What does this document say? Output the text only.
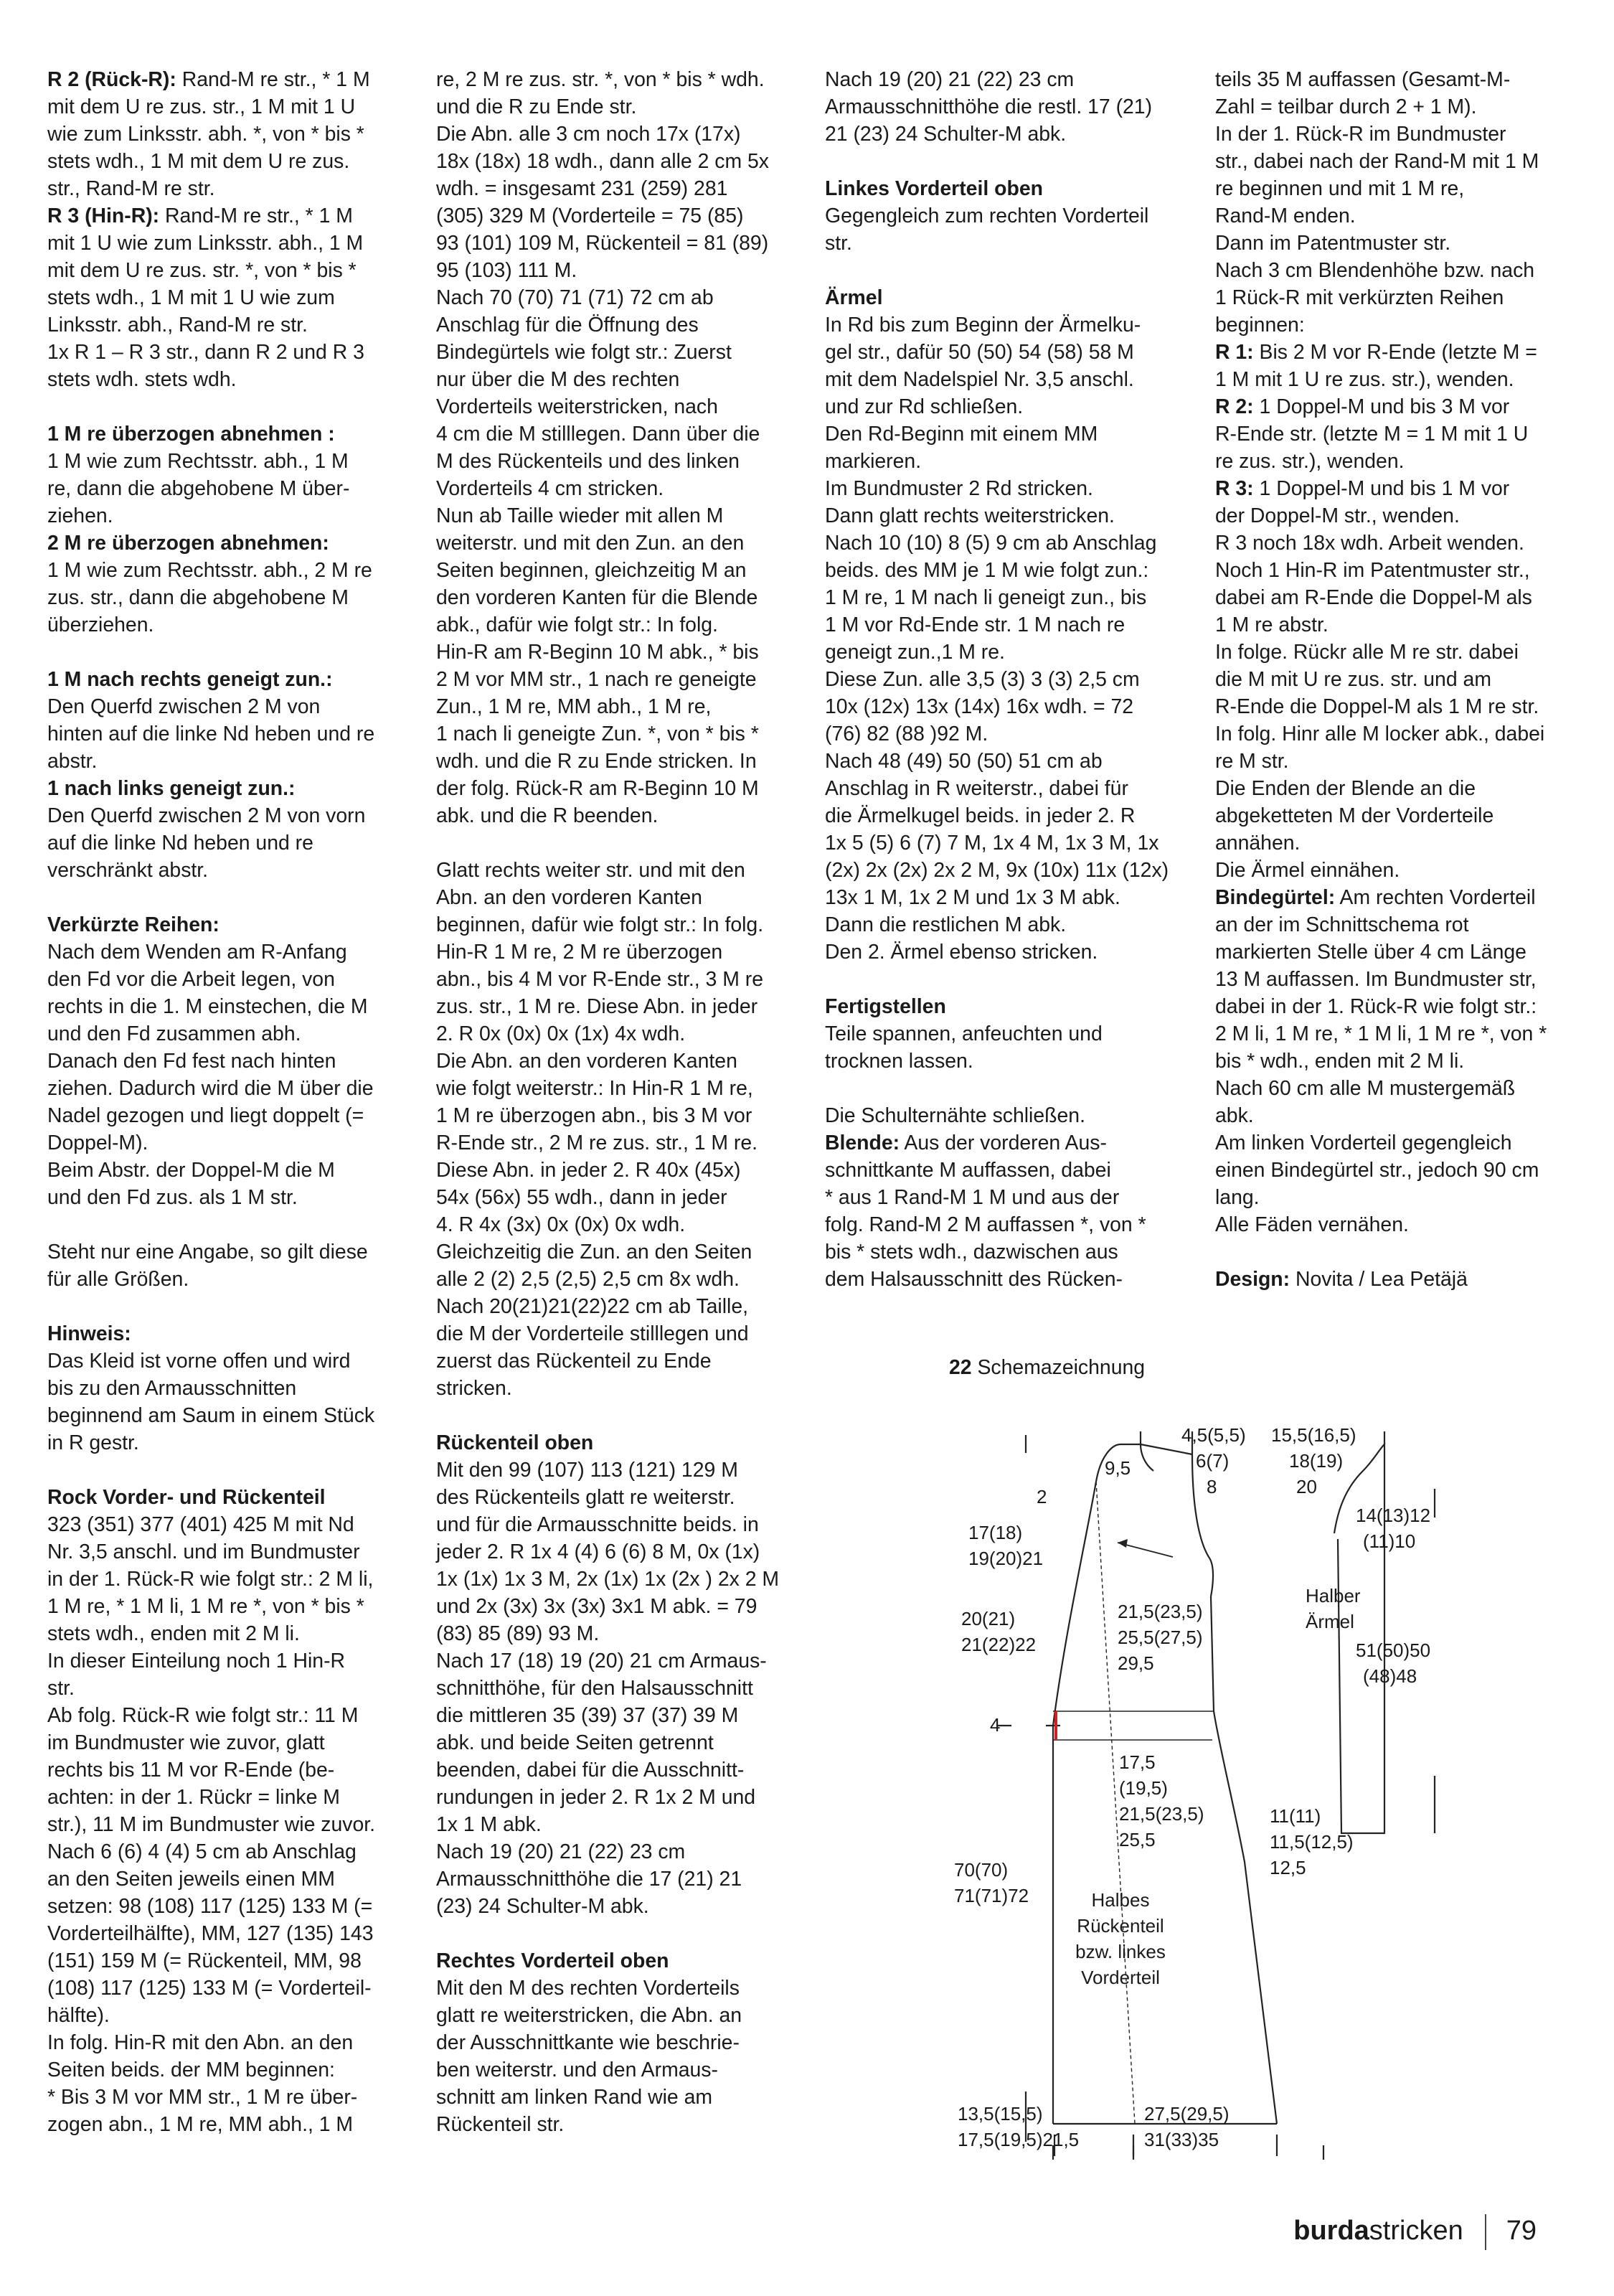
R 2 (Rück-R): Rand-M re str., * 1 M

mit dem U re zus. str., 1 M mit 1 U

wie zum Linksstr. abh. *, von * bis *

stets wdh., 1 M mit dem U re zus.

str., Rand-M re str.

R 3 (Hin-R): Rand-M re str., * 1 M

mit 1 U wie zum Linksstr. abh., 1 M

mit dem U re zus. str. *, von * bis *

stets wdh., 1 M mit 1 U wie zum

Linksstr. abh., Rand-M re str.

1x R 1 – R 3 str., dann R 2 und R 3

stets wdh. stets wdh.

1 M re überzogen abnehmen :

1 M wie zum Rechtsstr. abh., 1 M

re, dann die abgehobene M über-

ziehen.

2 M re überzogen abnehmen:

1 M wie zum Rechtsstr. abh., 2 M re

zus. str., dann die abgehobene M

überziehen.

1 M nach rechts geneigt zun.:

Den Querfd zwischen 2 M von

hinten auf die linke Nd heben und re

abstr.

1 nach links geneigt zun.:

Den Querfd zwischen 2 M von vorn

auf die linke Nd heben und re

verschränkt abstr.

Verkürzte Reihen:

Nach dem Wenden am R-Anfang

den Fd vor die Arbeit legen, von

rechts in die 1. M einstechen, die M

und den Fd zusammen abh.

Danach den Fd fest nach hinten

ziehen. Dadurch wird die M über die

Nadel gezogen und liegt doppelt (=

Doppel-M).

Beim Abstr. der Doppel-M die M

und den Fd zus. als 1 M str.

Steht nur eine Angabe, so gilt diese

für alle Größen.

Hinweis:

Das Kleid ist vorne offen und wird

bis zu den Armausschnitten

beginnend am Saum in einem Stück

in R gestr.

Rock Vorder- und Rückenteil

323 (351) 377 (401) 425 M mit Nd

Nr. 3,5 anschl. und im Bundmuster

in der 1. Rück-R wie folgt str.: 2 M li,

1 M re, * 1 M li, 1 M re *, von * bis *

stets wdh., enden mit 2 M li.

In dieser Einteilung noch 1 Hin-R

str.

Ab folg. Rück-R wie folgt str.: 11 M

im Bundmuster wie zuvor, glatt

rechts bis 11 M vor R-Ende (be-

achten: in der 1. Rückr = linke M

str.), 11 M im Bundmuster wie zuvor.

Nach 6 (6) 4 (4) 5 cm ab Anschlag

an den Seiten jeweils einen MM

setzen: 98 (108) 117 (125) 133 M (=

Vorderteilhälfte), MM, 127 (135) 143

(151) 159 M (= Rückenteil, MM, 98

(108) 117 (125) 133 M (= Vorderteil-

hälfte).

In folg. Hin-R mit den Abn. an den

Seiten beids. der MM beginnen:

* Bis 3 M vor MM str., 1 M re über-

zogen abn., 1 M re, MM abh., 1 M

re, 2 M re zus. str. *, von * bis * wdh.

und die R zu Ende str.

Die Abn. alle 3 cm noch 17x (17x)

18x (18x) 18 wdh., dann alle 2 cm 5x

wdh. = insgesamt 231 (259) 281

(305) 329 M (Vorderteile = 75 (85)

93 (101) 109 M, Rückenteil = 81 (89)

95 (103) 111 M.

Nach 70 (70) 71 (71) 72 cm ab

Anschlag für die Öffnung des

Bindegürtels wie folgt str.: Zuerst

nur über die M des rechten

Vorderteils weiterstricken, nach

4 cm die M stilllegen. Dann über die

M des Rückenteils und des linken

Vorderteils 4 cm stricken.

Nun ab Taille wieder mit allen M

weiterstr. und mit den Zun. an den

Seiten beginnen, gleichzeitig M an

den vorderen Kanten für die Blende

abk., dafür wie folgt str.: In folg.

Hin-R am R-Beginn 10 M abk., * bis

2 M vor MM str., 1 nach re geneigte

Zun., 1 M re, MM abh., 1 M re,

1 nach li geneigte Zun. *, von * bis *

wdh. und die R zu Ende stricken. In

der folg. Rück-R am R-Beginn 10 M

abk. und die R beenden.

Glatt rechts weiter str. und mit den

Abn. an den vorderen Kanten

beginnen, dafür wie folgt str.: In folg.

Hin-R 1 M re, 2 M re überzogen

abn., bis 4 M vor R-Ende str., 3 M re

zus. str., 1 M re. Diese Abn. in jeder

2. R 0x (0x) 0x (1x) 4x wdh.

Die Abn. an den vorderen Kanten

wie folgt weiterstr.: In Hin-R 1 M re,

1 M re überzogen abn., bis 3 M vor

R-Ende str., 2 M re zus. str., 1 M re.

Diese Abn. in jeder 2. R 40x (45x)

54x (56x) 55 wdh., dann in jeder

4. R 4x (3x) 0x (0x) 0x wdh.

Gleichzeitig die Zun. an den Seiten

alle 2 (2) 2,5 (2,5) 2,5 cm 8x wdh.

Nach 20(21)21(22)22 cm ab Taille,

die M der Vorderteile stilllegen und

zuerst das Rückenteil zu Ende

stricken.

Rückenteil oben

Mit den 99 (107) 113 (121) 129 M

des Rückenteils glatt re weiterstr.

und für die Armausschnitte beids. in

jeder 2. R 1x 4 (4) 6 (6) 8 M, 0x (1x)

1x (1x) 1x 3 M, 2x (1x) 1x (2x ) 2x 2 M

und 2x (3x) 3x (3x) 3x1 M abk. = 79

(83) 85 (89) 93 M.

Nach 17 (18) 19 (20) 21 cm Armaus-

schnitthöhe, für den Halsausschnitt

die mittleren 35 (39) 37 (37) 39 M

abk. und beide Seiten getrennt

beenden, dabei für die Ausschnitt-

rundungen in jeder 2. R 1x 2 M und

1x 1 M abk.

Nach 19 (20) 21 (22) 23 cm

Armausschnitthöhe die 17 (21) 21

(23) 24 Schulter-M abk.

Rechtes Vorderteil oben

Mit den M des rechten Vorderteils

glatt re weiterstricken, die Abn. an

der Ausschnittkante wie beschrie-

ben weiterstr. und den Armaus-

schnitt am linken Rand wie am

Rückenteil str.

Nach 19 (20) 21 (22) 23 cm

Armausschnitthöhe die restl. 17 (21)

21 (23) 24 Schulter-M abk.

Linkes Vorderteil oben

Gegengleich zum rechten Vorderteil

str.

Ärmel

In Rd bis zum Beginn der Ärmelku-

gel str., dafür 50 (50) 54 (58) 58 M

mit dem Nadelspiel Nr. 3,5 anschl.

und zur Rd schließen.

Den Rd-Beginn mit einem MM

markieren.

Im Bundmuster 2 Rd stricken.

Dann glatt rechts weiterstricken.

Nach 10 (10) 8 (5) 9 cm ab Anschlag

beids. des MM je 1 M wie folgt zun.:

1 M re, 1 M nach li geneigt zun., bis

1 M vor Rd-Ende str. 1 M nach re

geneigt zun.,1 M re.

Diese Zun. alle 3,5 (3) 3 (3) 2,5 cm

10x (12x) 13x (14x) 16x wdh. = 72

(76) 82 (88 )92 M.

Nach 48 (49) 50 (50) 51 cm ab

Anschlag in R weiterstr., dabei für

die Ärmelkugel beids. in jeder 2. R

1x 5 (5) 6 (7) 7 M, 1x 4 M, 1x 3 M, 1x

(2x) 2x (2x) 2x 2 M, 9x (10x) 11x (12x)

13x 1 M, 1x 2 M und 1x 3 M abk.

Dann die restlichen M abk.

Den 2. Ärmel ebenso stricken.

Fertigstellen

Teile spannen, anfeuchten und

trocknen lassen.

Die Schulternähte schließen.

Blende: Aus der vorderen Aus-

schnittkante M auffassen, dabei

* aus 1 Rand-M 1 M und aus der

folg. Rand-M 2 M auffassen *, von *

bis * stets wdh., dazwischen aus

dem Halsausschnitt des Rücken-

teils 35 M auffassen (Gesamt-M-

Zahl = teilbar durch 2 + 1 M).

In der 1. Rück-R im Bundmuster

str., dabei nach der Rand-M mit 1 M

re beginnen und mit 1 M re,

Rand-M enden.

Dann im Patentmuster str.

Nach 3 cm Blendenhöhe bzw. nach

1 Rück-R mit verkürzten Reihen

beginnen:

R 1: Bis 2 M vor R-Ende (letzte M =

1 M mit 1 U re zus. str.), wenden.

R 2: 1 Doppel-M und bis 3 M vor

R-Ende str. (letzte M = 1 M mit 1 U

re zus. str.), wenden.

R 3: 1 Doppel-M und bis 1 M vor

der Doppel-M str., wenden.

R 3 noch 18x wdh. Arbeit wenden.

Noch 1 Hin-R im Patentmuster str.,

dabei am R-Ende die Doppel-M als

1 M re abstr.

In folge. Rückr alle M re str. dabei

die M mit U re zus. str. und am

R-Ende die Doppel-M als 1 M re str.

In folg. Hinr alle M locker abk., dabei

re M str.

Die Enden der Blende an die

abgeketteten M der Vorderteile

annähen.

Die Ärmel einnähen.

Bindegürtel: Am rechten Vorderteil

an der im Schnittschema rot

markierten Stelle über 4 cm Länge

13 M auffassen. Im Bundmuster str,

dabei in der 1. Rück-R wie folgt str.:

2 M li, 1 M re, * 1 M li, 1 M re *, von *

bis * wdh., enden mit 2 M li.

Nach 60 cm alle M mustergemäß

abk.

Am linken Vorderteil gegengleich

einen Bindegürtel str., jedoch 90 cm

lang.

Alle Fäden vernähen.

Design: Novita / Lea Petäjä

22 Schemazeichnung
9,5
4,5(5,5)
6(7)
8
15,5(16,5)
18(19)
20
2
14(13)12
(11)10
17(18)
19(20)21
Halber
Ärmel
20(21)
21(22)22
21,5(23,5)
25,5(27,5)
29,5
51(50)50
(48)48
4
17,5
(19,5)
21,5(23,5)
25,5
11(11)
11,5(12,5)
12,5
70(70)
71(71)72	Halbes
Rückenteil
bzw. linkes
Vorderteil
13,5(15,5)
17,5(19,5)21,5
27,5(29,5)
31(33)35
burdastricken 79
